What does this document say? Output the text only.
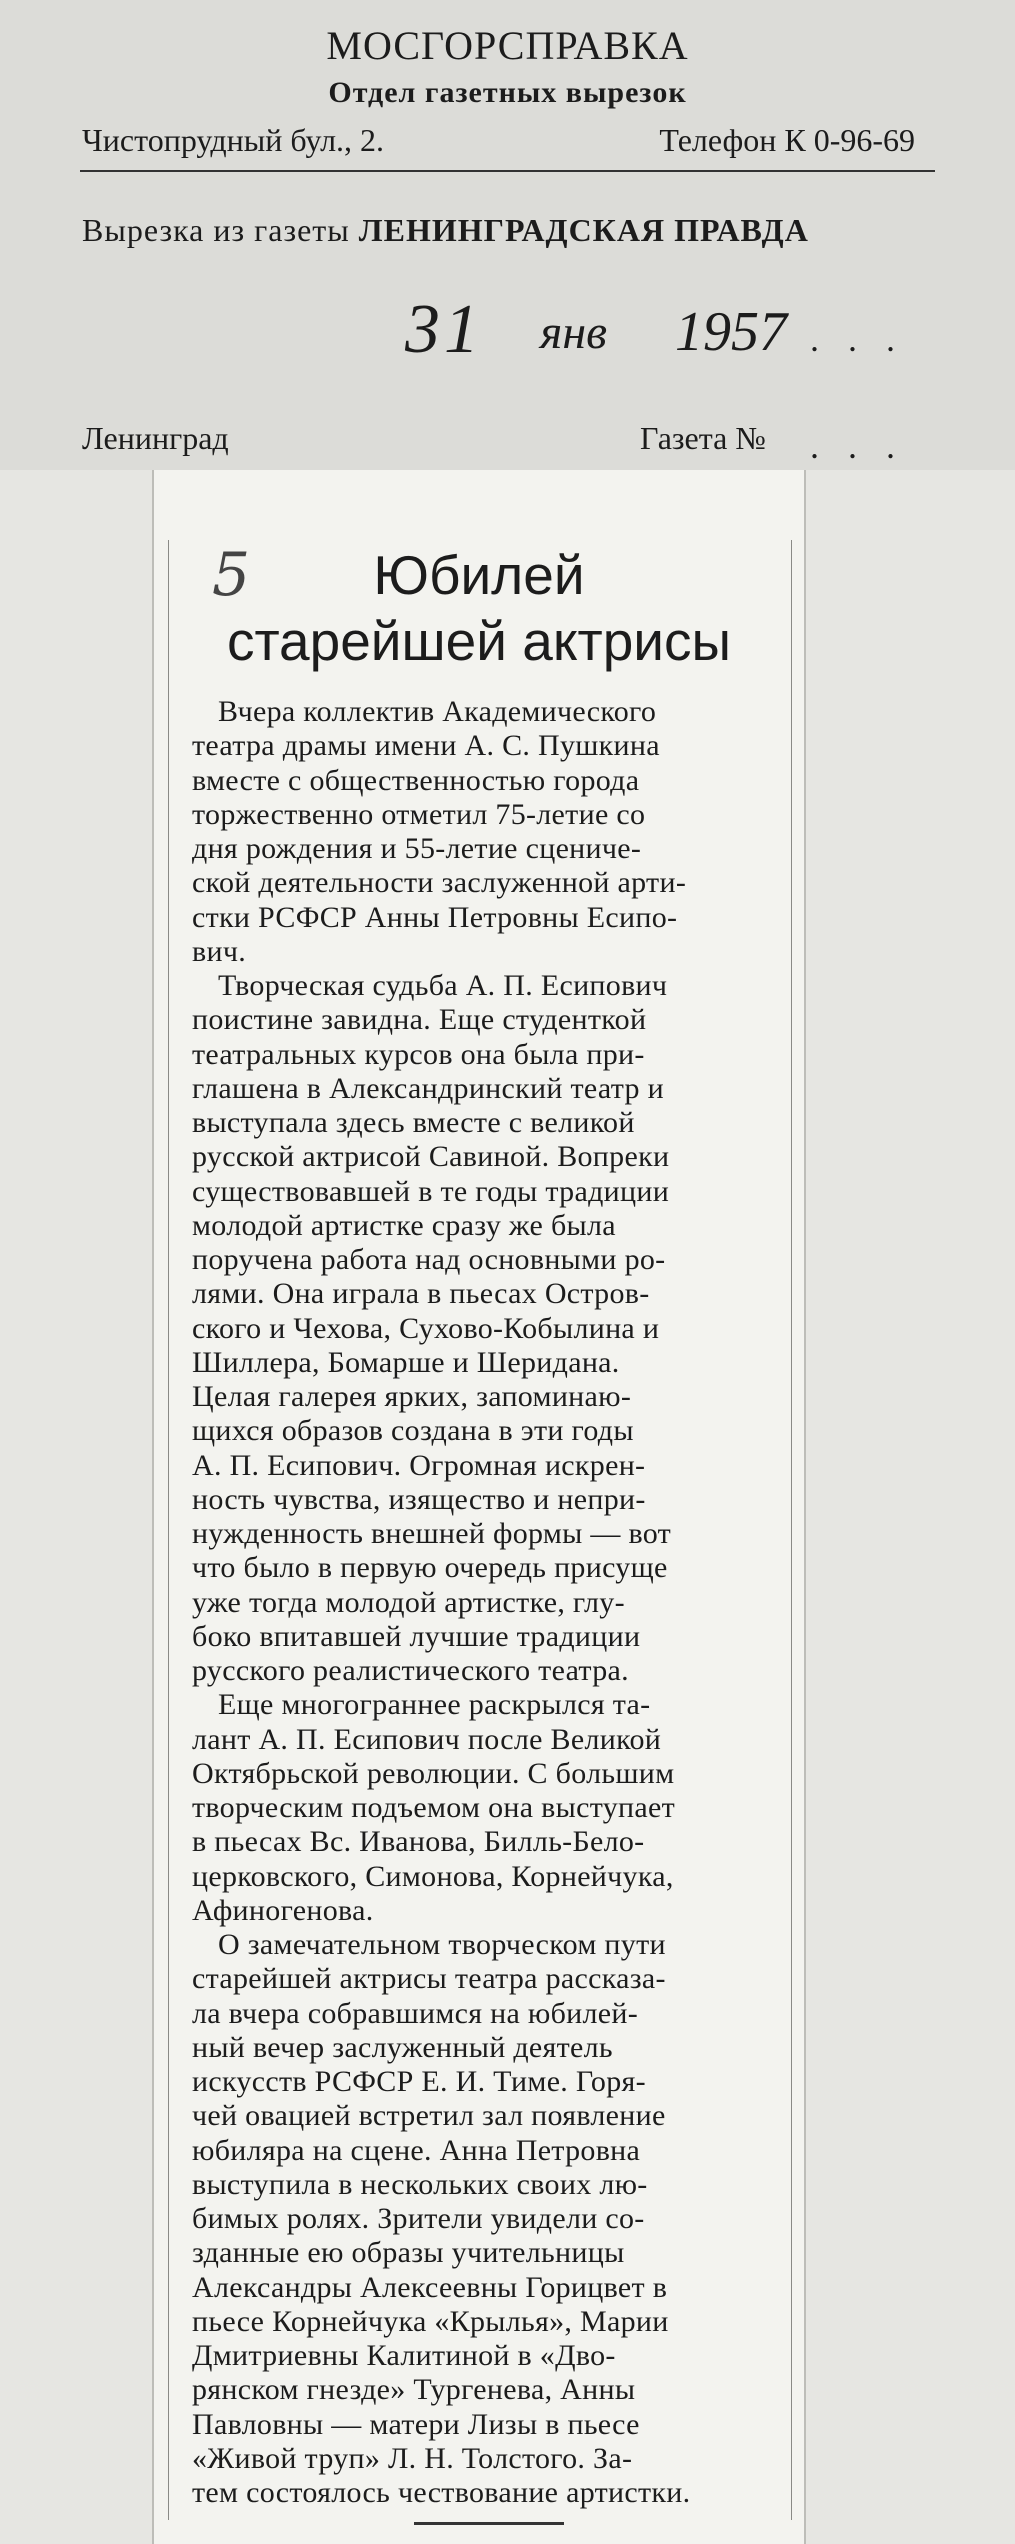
МОСГОРСПРАВКА
Отдел газетных вырезок
Чистопрудный бул., 2.	Телефон К 0-96-69
Вырезка из газеты ЛЕНИНГРАДСКАЯ ПРАВДА
31 янв 1957 . . .
Ленинград	Газета № . . .
5	Юбилей
старейшей актрисы
Вчера коллектив Академического
театра драмы имени А. С. Пушкина
вместе с общественностью города
торжественно отметил 75-летие со
дня рождения и 55-летие сцениче-
ской деятельности заслуженной арти-
стки РСФСР Анны Петровны Есипо-
вич.
Творческая судьба А. П. Есипович
поистине завидна. Еще студенткой
театральных курсов она была при-
глашена в Александринский театр и
выступала здесь вместе с великой
русской актрисой Савиной. Вопреки
существовавшей в те годы традиции
молодой артистке сразу же была
поручена работа над основными ро-
лями. Она играла в пьесах Остров-
ского и Чехова, Сухово-Кобылина и
Шиллера, Бомарше и Шеридана.
Целая галерея ярких, запоминаю-
щихся образов создана в эти годы
А. П. Есипович. Огромная искрен-
ность чувства, изящество и непри-
нужденность внешней формы — вот
что было в первую очередь присуще
уже тогда молодой артистке, глу-
боко впитавшей лучшие традиции
русского реалистического театра.
Еще многограннее раскрылся та-
лант А. П. Есипович после Великой
Октябрьской революции. С большим
творческим подъемом она выступает
в пьесах Вс. Иванова, Билль-Бело-
церковского, Симонова, Корнейчука,
Афиногенова.
О замечательном творческом пути
старейшей актрисы театра рассказа-
ла вчера собравшимся на юбилей-
ный вечер заслуженный деятель
искусств РСФСР Е. И. Тиме. Горя-
чей овацией встретил зал появление
юбиляра на сцене. Анна Петровна
выступила в нескольких своих лю-
бимых ролях. Зрители увидели со-
зданные ею образы учительницы
Александры Алексеевны Горицвет в
пьесе Корнейчука «Крылья», Марии
Дмитриевны Калитиной в «Дво-
рянском гнезде» Тургенева, Анны
Павловны — матери Лизы в пьесе
«Живой труп» Л. Н. Толстого. За-
тем состоялось чествование артистки.
